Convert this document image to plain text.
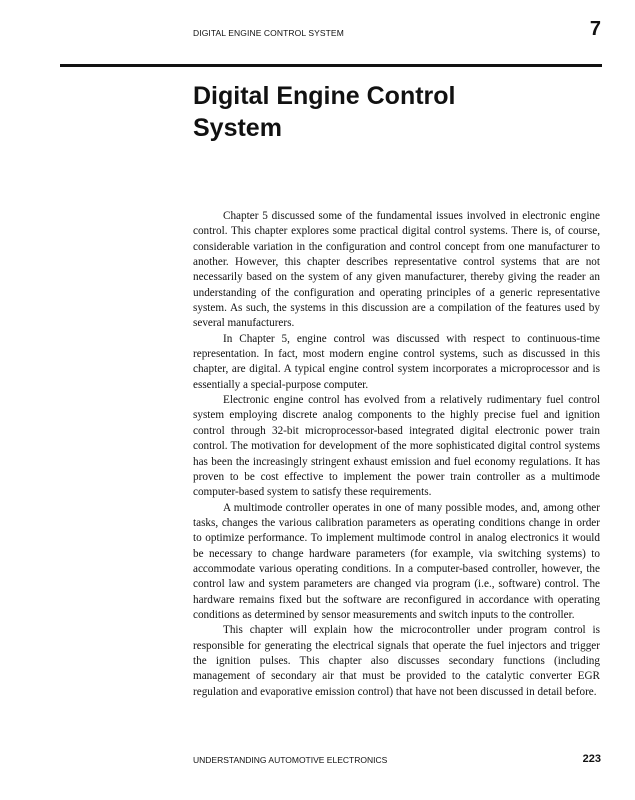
DIGITAL ENGINE CONTROL SYSTEM	7
Digital Engine Control
System

Chapter 5 discussed some of the fundamental issues involved in electronic engine control. This chapter explores some practical digital control systems. There is, of course, considerable variation in the configuration and control concept from one manufacturer to another. However, this chapter describes representative control systems that are not necessarily based on the system of any given manufacturer, thereby giving the reader an understanding of the configuration and operating principles of a generic representative system. As such, the systems in this discussion are a compilation of the features used by several manufacturers.

In Chapter 5, engine control was discussed with respect to continuous-time representation. In fact, most modern engine control systems, such as discussed in this chapter, are digital. A typical engine control system incorporates a microprocessor and is essentially a special-purpose computer.

Electronic engine control has evolved from a relatively rudimentary fuel control system employing discrete analog components to the highly precise fuel and ignition control through 32-bit microprocessor-based integrated digital electronic power train control. The motivation for development of the more sophisticated digital control systems has been the increasingly stringent exhaust emission and fuel economy regulations. It has proven to be cost effective to implement the power train controller as a multimode computer-based system to satisfy these requirements.

A multimode controller operates in one of many possible modes, and, among other tasks, changes the various calibration parameters as operating conditions change in order to optimize performance. To implement multimode control in analog electronics it would be necessary to change hardware parameters (for example, via switching systems) to accommodate various operating conditions. In a computer-based controller, however, the control law and system parameters are changed via program (i.e., software) control. The hardware remains fixed but the software are reconfigured in accordance with operating conditions as determined by sensor measurements and switch inputs to the controller.

This chapter will explain how the microcontroller under program control is responsible for generating the electrical signals that operate the fuel injectors and trigger the ignition pulses. This chapter also discusses secondary functions (including management of secondary air that must be provided to the catalytic converter EGR regulation and evaporative emission control) that have not been discussed in detail before.

UNDERSTANDING AUTOMOTIVE ELECTRONICS	223
